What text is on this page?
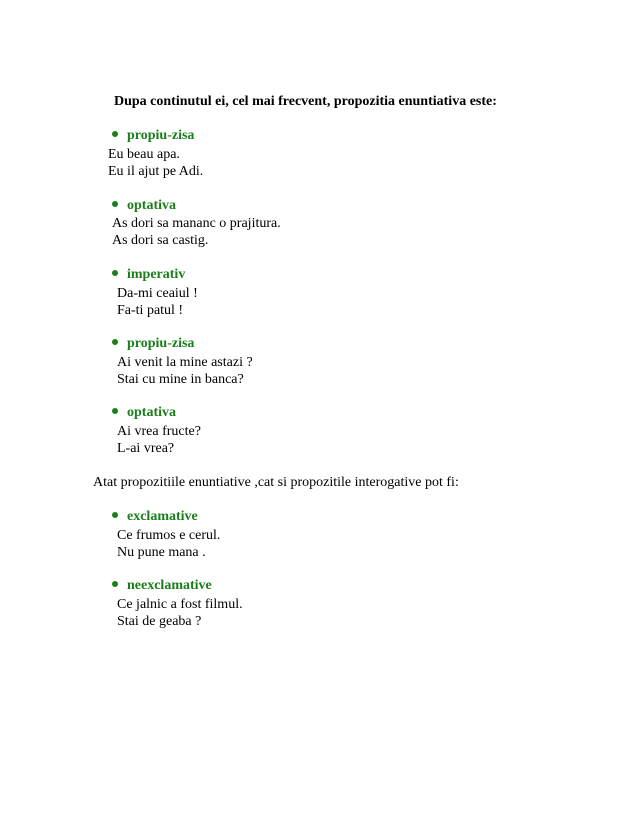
Dupa continutul ei, cel mai frecvent, propozitia enuntiativa este:
propiu-zisa
Eu beau apa.
Eu il ajut pe Adi.
optativa
As dori sa mananc o prajitura.
As dori sa castig.
imperativ
Da-mi ceaiul !
Fa-ti patul !
propiu-zisa
Ai venit la mine astazi ?
Stai cu mine in banca?
optativa
Ai vrea fructe?
L-ai vrea?
Atat propozitiile enuntiative ,cat si propozitile interogative pot fi:
exclamative
Ce frumos e cerul.
Nu pune mana .
neexclamative
Ce jalnic a fost filmul.
Stai de geaba ?
